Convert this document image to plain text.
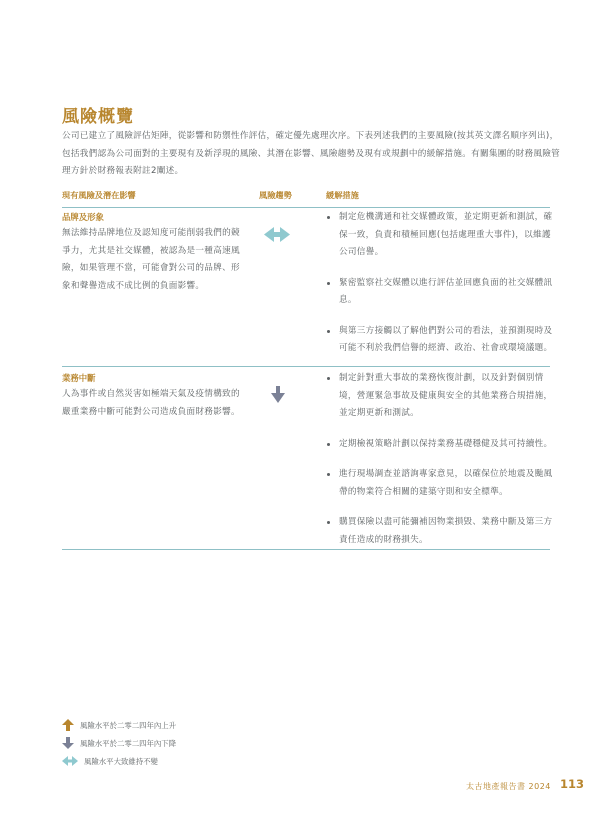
風險概覽
公司已建立了風險評估矩陣，從影響和防禦性作評估，確定優先處理次序。下表列述我們的主要風險(按其英文譯名順序列出)，包括我們認為公司面對的主要現有及新浮現的風險、其潛在影響、風險趨勢及現有或規劃中的緩解措施。有關集團的財務風險管理方針於財務報表附註2闡述。
現有風險及潛在影響	風險趨勢	緩解措施
品牌及形象
無法維持品牌地位及認知度可能削弱我們的競爭力，尤其是社交媒體，被認為是一種高速風險，如果管理不當，可能會對公司的品牌、形象和聲譽造成不成比例的負面影響。
制定危機溝通和社交媒體政策，並定期更新和測試，確保一致，負責和積極回應(包括處理重大事件)，以維護公司信譽。
緊密監察社交媒體以進行評估並回應負面的社交媒體訊息。
與第三方接觸以了解他們對公司的看法，並預測現時及可能不利於我們信譽的經濟、政治、社會或環境議題。
業務中斷
人為事件或自然災害如極端天氣及疫情構致的嚴重業務中斷可能對公司造成負面財務影響。
制定針對重大事故的業務恢復計劃，以及針對個別情境，營運緊急事故及健康與安全的其他業務合規措施，並定期更新和測試。
定期檢視策略計劃以保持業務基礎穩健及其可持續性。
進行現場調查並諮詢專家意見，以確保位於地震及颱風帶的物業符合相關的建築守則和安全標準。
購買保險以盡可能彌補因物業損毀、業務中斷及第三方責任造成的財務損失。
風險水平於二零二四年內上升
風險水平於二零二四年內下降
風險水平大致維持不變
太古地產報告書 2024 113
